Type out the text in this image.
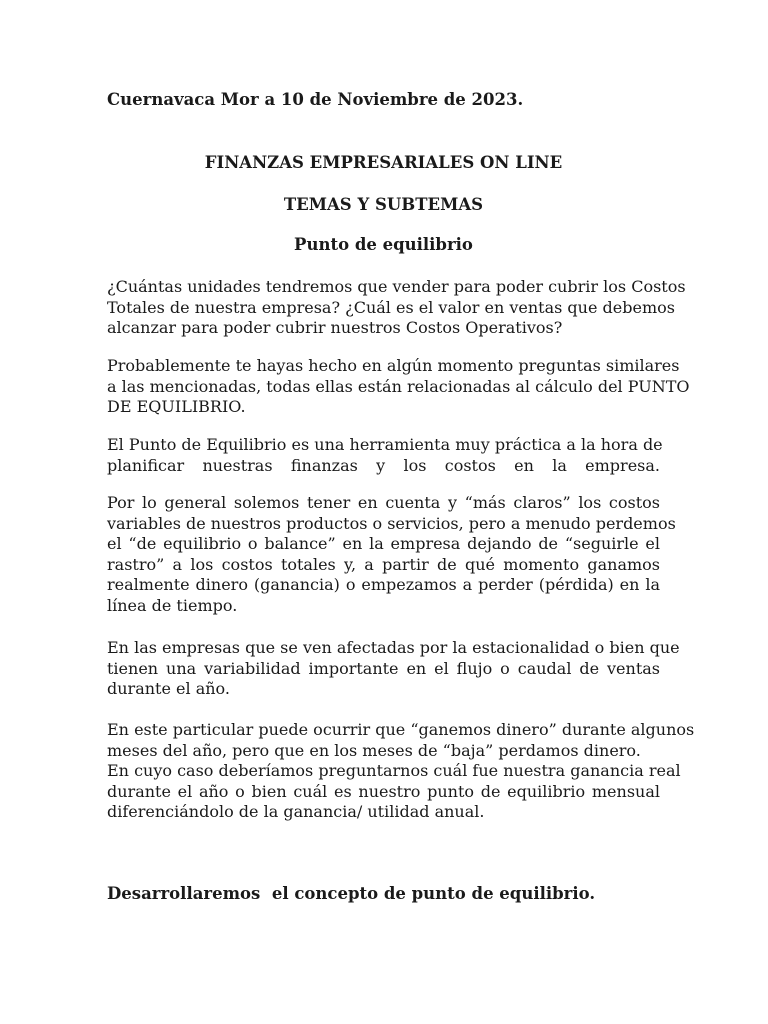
Cuernavaca Mor a 10 de Noviembre de 2023.
FINANZAS EMPRESARIALES ON LINE
TEMAS Y SUBTEMAS
Punto de equilibrio
¿Cuántas unidades tendremos que vender para poder cubrir los Costos
Totales de nuestra empresa? ¿Cuál es el valor en ventas que debemos
alcanzar para poder cubrir nuestros Costos Operativos?
Probablemente te hayas hecho en algún momento preguntas similares
a las mencionadas, todas ellas están relacionadas al cálculo del PUNTO
DE EQUILIBRIO.
El Punto de Equilibrio es una herramienta muy práctica a la hora de
planificar nuestras finanzas y los costos en la empresa.
Por lo general solemos tener en cuenta y “más claros” los costos
variables de nuestros productos o servicios, pero a menudo perdemos
el “de equilibrio o balance” en la empresa dejando de “seguirle el
rastro” a los costos totales y, a partir de qué momento ganamos
realmente dinero (ganancia) o empezamos a perder (pérdida) en la
línea de tiempo.
En las empresas que se ven afectadas por la estacionalidad o bien que
tienen una variabilidad importante en el flujo o caudal de ventas
durante el año.
En este particular puede ocurrir que “ganemos dinero” durante algunos
meses del año, pero que en los meses de “baja” perdamos dinero.
En cuyo caso deberíamos preguntarnos cuál fue nuestra ganancia real
durante el año o bien cuál es nuestro punto de equilibrio mensual
diferenciándolo de la ganancia/ utilidad anual.
Desarrollaremos  el concepto de punto de equilibrio.
